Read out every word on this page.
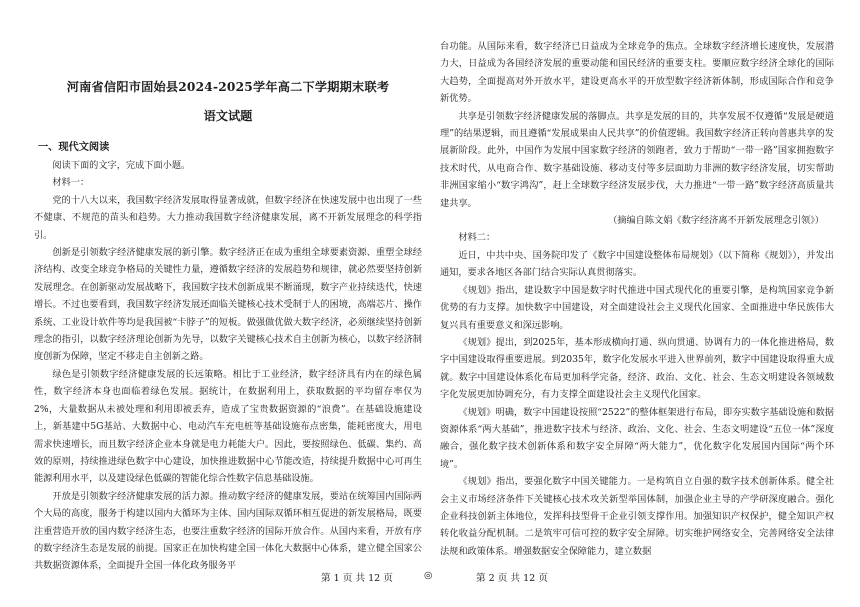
河南省信阳市固始县2024-2025学年高二下学期期末联考
语文试题
一、现代文阅读

阅读下面的文字，完成下面小题。

材料一：

党的十八大以来，我国数字经济发展取得显著成就，但数字经济在快速发展中也出现了一些不健康、不规范的苗头和趋势。大力推动我国数字经济健康发展，离不开新发展理念的科学指引。

创新是引领数字经济健康发展的新引擎。数字经济正在成为重组全球要素资源、重塑全球经济结构、改变全球竞争格局的关键性力量，遵循数字经济的发展趋势和规律，就必然要坚持创新发展理念。在创新驱动发展战略下，我国数字技术创新成果不断涌现，数字产业持续迭代，快速增长。不过也要看到，我国数字经济发展还面临关键核心技术受制于人的困境，高端芯片、操作系统、工业设计软件等均是我国被“卡脖子”的短板。做强做优做大数字经济，必须继续坚持创新理念的指引，以数字经济理论创新为先导，以数字关键核心技术自主创新为核心，以数字经济制度创新为保障，坚定不移走自主创新之路。

绿色是引领数字经济健康发展的长远策略。相比于工业经济，数字经济具有内在的绿色属性，数字经济本身也面临着绿色发展。据统计，在数据利用上，获取数据的平均留存率仅为2%，大量数据从未被处理和利用即被丢弃，造成了宝贵数据资源的“浪费”。在基础设施建设上，新基建中5G基站、大数据中心、电动汽车充电桩等基础设施布点密集，能耗密度大，用电需求快速增长，而且数字经济企业本身就是电力耗能大户。因此，要按照绿色、低碳、集约、高效的原则，持续推进绿色数字中心建设，加快推进数据中心节能改造，持续提升数据中心可再生能源利用水平，以及建设绿色低碳的智能化综合性数字信息基础设施。

开放是引领数字经济健康发展的活力源。推动数字经济的健康发展，要站在统筹国内国际两个大局的高度，服务于构建以国内大循环为主体、国内国际双循环相互促进的新发展格局，既要注重营造开放的国内数字经济生态，也要注重数字经济的国际开放合作。从国内来看，开放有序的数字经济生态是发展的前提。国家正在加快构建全国一体化大数据中心体系，建立健全国家公共数据资源体系，全面提升全国一体化政务服务平

台功能。从国际来看，数字经济已日益成为全球竞争的焦点。全球数字经济增长速度快，发展潜力大，日益成为各国经济发展的重要动能和国民经济的重要支柱。要顺应数字经济全球化的国际大趋势，全面提高对外开放水平，建设更高水平的开放型数字经济新体制，形成国际合作和竞争新优势。

共享是引领数字经济健康发展的落脚点。共享是发展的目的，共享发展不仅遵循“发展是硬道理”的结果逻辑，而且遵循“发展成果由人民共享”的价值逻辑。我国数字经济正转向普惠共享的发展新阶段。此外，中国作为发展中国家数字经济的领跑者，致力于帮助“一带一路”国家拥抱数字技术时代，从电商合作、数字基础设施、移动支付等多层面助力非洲的数字经济发展，切实帮助非洲国家缩小“数字鸿沟”，赶上全球数字经济发展步伐，大力推进“一带一路”数字经济高质量共建共享。

（摘编自陈文娟《数字经济离不开新发展理念引领》）

材料二：

近日，中共中央、国务院印发了《数字中国建设整体布局规划》（以下简称《规划》），并发出通知，要求各地区各部门结合实际认真贯彻落实。

《规划》指出，建设数字中国是数字时代推进中国式现代化的重要引擎，是构筑国家竞争新优势的有力支撑。加快数字中国建设，对全面建设社会主义现代化国家、全面推进中华民族伟大复兴具有重要意义和深远影响。

《规划》提出，到2025年，基本形成横向打通、纵向贯通、协调有力的一体化推进格局，数字中国建设取得重要进展。到2035年，数字化发展水平进入世界前列，数字中国建设取得重大成就。数字中国建设体系化布局更加科学完备，经济、政治、文化、社会、生态文明建设各领域数字化发展更加协调充分，有力支撑全面建设社会主义现代化国家。

《规划》明确，数字中国建设按照“2522”的整体框架进行布局，即夯实数字基础设施和数据资源体系“两大基础”，推进数字技术与经济、政治、文化、社会、生态文明建设“五位一体”深度融合，强化数字技术创新体系和数字安全屏障“两大能力”，优化数字化发展国内国际“两个环境”。

《规划》指出，要强化数字中国关键能力。一是构筑自立自强的数字技术创新体系。健全社会主义市场经济条件下关键核心技术攻关新型举国体制，加强企业主导的产学研深度融合。强化企业科技创新主体地位，发挥科技型骨干企业引领支撑作用。加强知识产权保护，健全知识产权转化收益分配机制。二是筑牢可信可控的数字安全屏障。切实维护网络安全，完善网络安全法律法规和政策体系。增强数据安全保障能力，建立数据

第 1 页 共 12 页	◎	第 2 页 共 12 页
